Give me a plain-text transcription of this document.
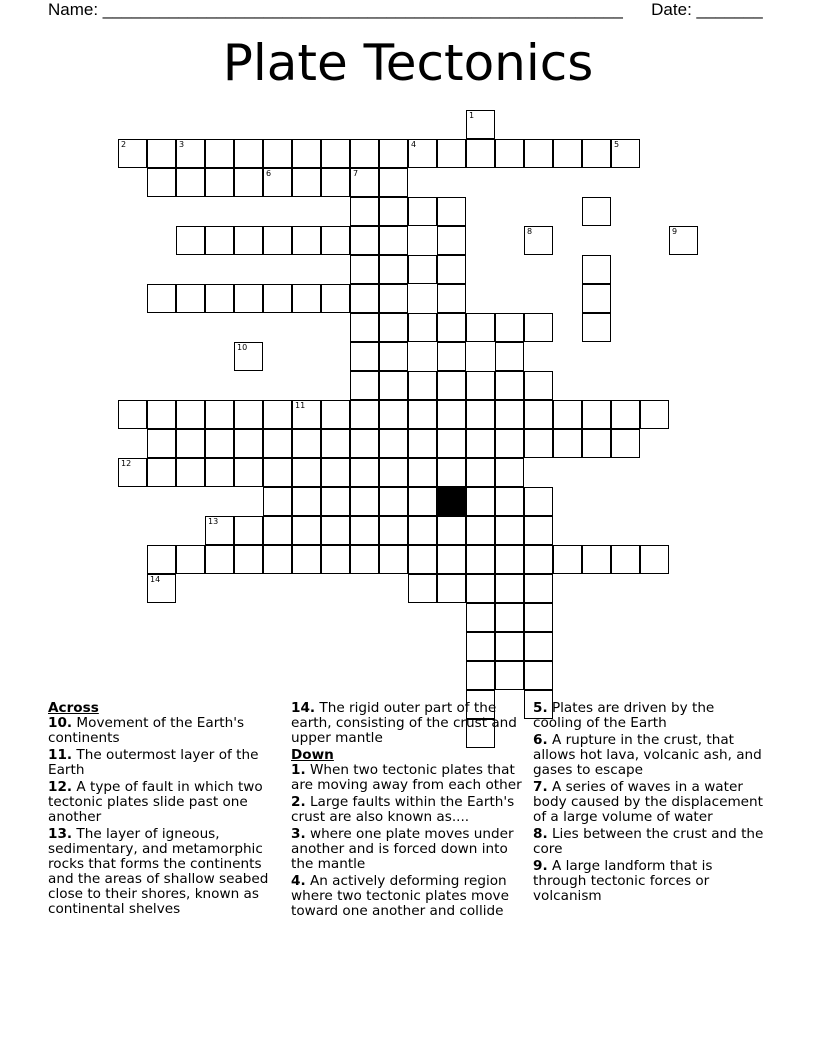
Name: _______________________________________________________ Date: _______
Plate Tectonics
2	3	4
6	7
11
13
1
5
8	9
10
12
14
Across
10. Movement of the Earth's continents
11. The outermost layer of the Earth
12. A type of fault in which two tectonic plates slide past one another
13. The layer of igneous, sedimentary, and metamorphic rocks that forms the continents and the areas of shallow seabed close to their shores, known as continental shelves
14. The rigid outer part of the earth, consisting of the crust and upper mantle
Down
1. When two tectonic plates that are moving away from each other
2. Large faults within the Earth's crust are also known as....
3. where one plate moves under another and is forced down into the mantle
4. An actively deforming region where two tectonic plates move toward one another and collide
5. Plates are driven by the cooling of the Earth
6. A rupture in the crust, that allows hot lava, volcanic ash, and gases to escape
7. A series of waves in a water body caused by the displacement of a large volume of water
8. Lies between the crust and the core
9. A large landform that is through tectonic forces or volcanism
